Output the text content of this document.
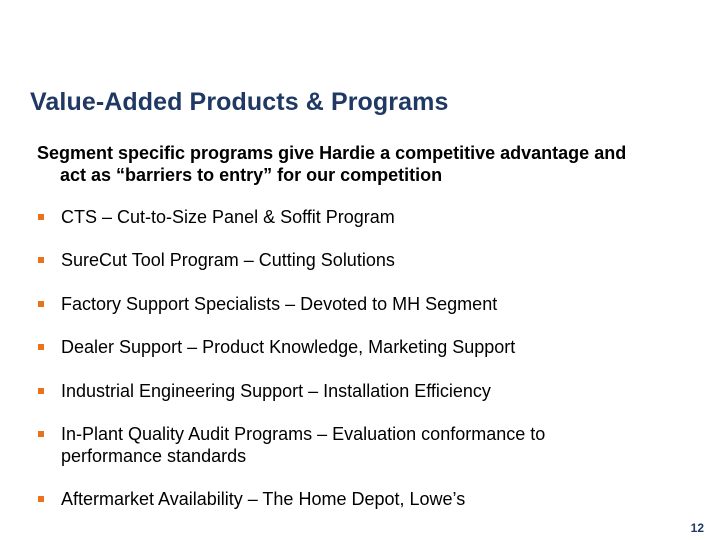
Value-Added Products & Programs

Segment specific programs give Hardie a competitive advantage and
act as “barriers to entry” for our competition

CTS – Cut-to-Size Panel & Soffit Program
SureCut Tool Program – Cutting Solutions
Factory Support Specialists – Devoted to MH Segment
Dealer Support – Product Knowledge, Marketing Support
Industrial Engineering Support – Installation Efficiency
In-Plant Quality Audit Programs – Evaluation conformance to
performance standards
Aftermarket Availability – The Home Depot, Lowe’s
12
